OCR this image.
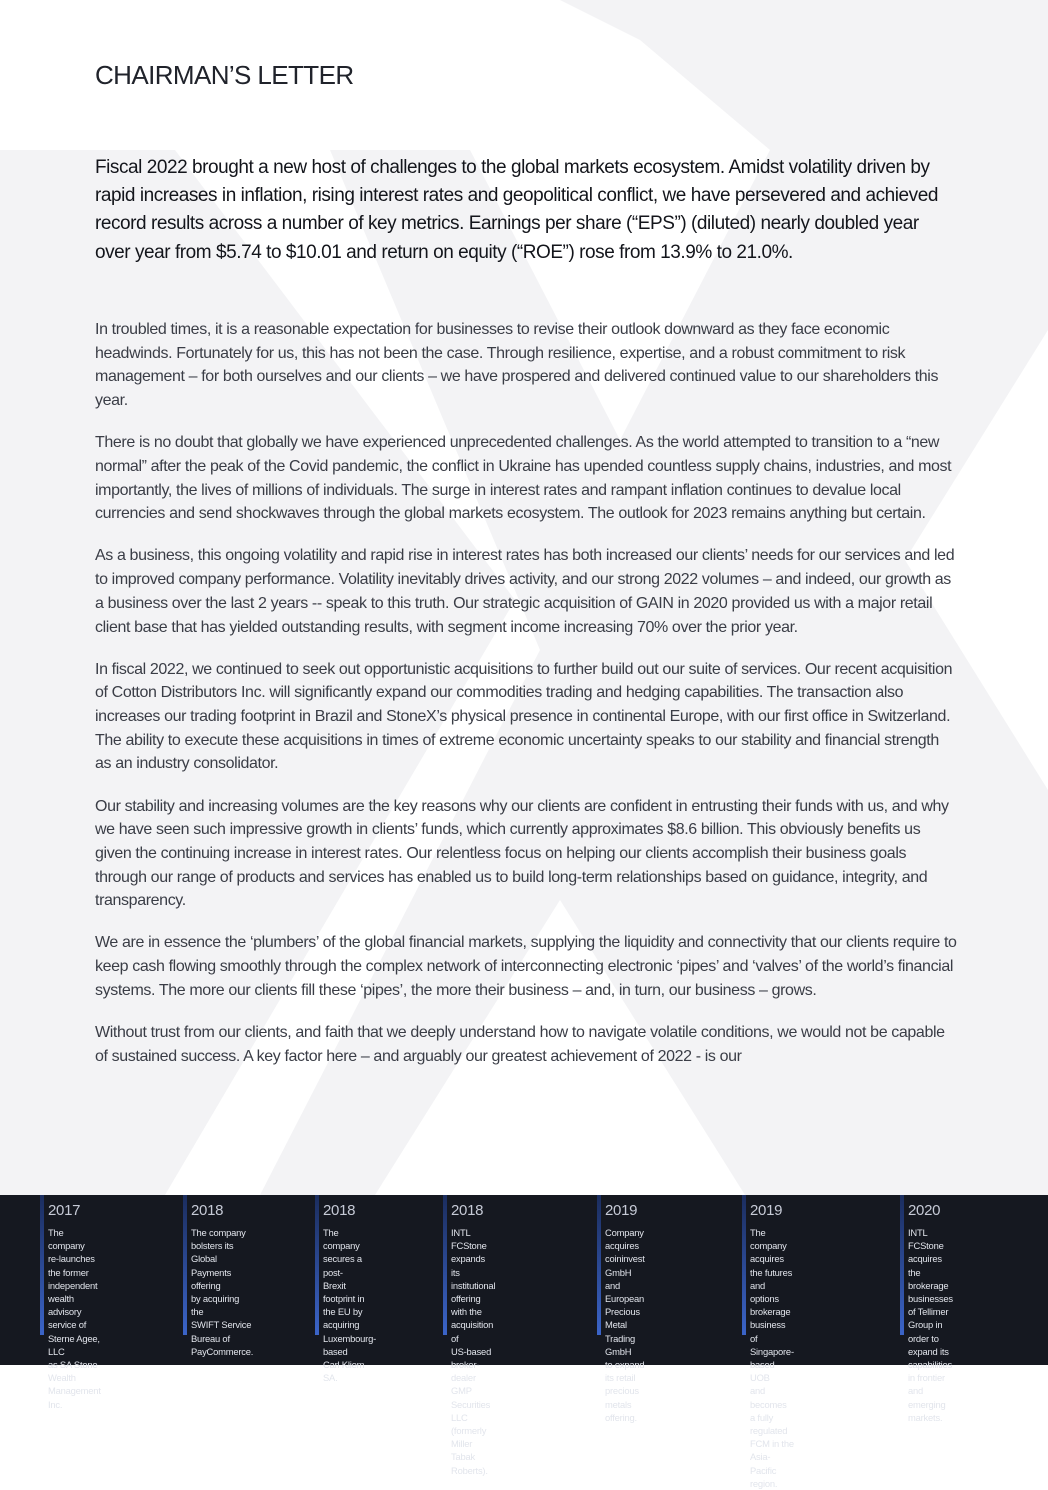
CHAIRMAN’S LETTER

Fiscal 2022 brought a new host of challenges to the global markets ecosystem. Amidst volatility driven by rapid increases in inflation, rising interest rates and geopolitical conflict, we have persevered and achieved record results across a number of key metrics. Earnings per share (“EPS”) (diluted) nearly doubled year over year from $5.74 to $10.01 and return on equity (“ROE”) rose from 13.9% to 21.0%.

In troubled times, it is a reasonable expectation for businesses to revise their outlook downward as they face economic headwinds. Fortunately for us, this has not been the case. Through resilience, expertise, and a robust commitment to risk management – for both ourselves and our clients – we have prospered and delivered continued value to our shareholders this year.

There is no doubt that globally we have experienced unprecedented challenges. As the world attempted to transition to a “new normal” after the peak of the Covid pandemic, the conflict in Ukraine has upended countless supply chains, industries, and most importantly, the lives of millions of individuals. The surge in interest rates and rampant inflation continues to devalue local currencies and send shockwaves through the global markets ecosystem. The outlook for 2023 remains anything but certain.

As a business, this ongoing volatility and rapid rise in interest rates has both increased our clients’ needs for our services and led to improved company performance. Volatility inevitably drives activity, and our strong 2022 volumes – and indeed, our growth as a business over the last 2 years -- speak to this truth. Our strategic acquisition of GAIN in 2020 provided us with a major retail client base that has yielded outstanding results, with segment income increasing 70% over the prior year.

In fiscal 2022, we continued to seek out opportunistic acquisitions to further build out our suite of services. Our recent acquisition of Cotton Distributors Inc. will significantly expand our commodities trading and hedging capabilities. The transaction also increases our trading footprint in Brazil and StoneX’s physical presence in continental Europe, with our first office in Switzerland. The ability to execute these acquisitions in times of extreme economic uncertainty speaks to our stability and financial strength as an industry consolidator.

Our stability and increasing volumes are the key reasons why our clients are confident in entrusting their funds with us, and why we have seen such impressive growth in clients’ funds, which currently approximates $8.6 billion. This obviously benefits us given the continuing increase in interest rates. Our relentless focus on helping our clients accomplish their business goals through our range of products and services has enabled us to build long-term relationships based on guidance, integrity, and transparency.

We are in essence the ‘plumbers’ of the global financial markets, supplying the liquidity and connectivity that our clients require to keep cash flowing smoothly through the complex network of interconnecting electronic ‘pipes’ and ‘valves’ of the world’s financial systems. The more our clients fill these ‘pipes’, the more their business – and, in turn, our business – grows.

Without trust from our clients, and faith that we deeply understand how to navigate volatile conditions, we would not be capable of sustained success. A key factor here – and arguably our greatest achievement of 2022 - is our

2017
The company
re-launches the former
independent wealth
advisory service of
Sterne Agee, LLC
as SA Stone Wealth
Management Inc.
2018
The company
bolsters its Global
Payments offering
by acquiring the
SWIFT Service
Bureau of
PayCommerce.
2018
The company
secures a post-
Brexit footprint in
the EU by acquiring
Luxembourg-based
Carl Kliem SA.
2018
INTL FCStone expands
its institutional offering
with the acquisition of
US-based broker-dealer
GMP Securities LLC
(formerly Miller Tabak
Roberts).
2019
Company acquires
coininvest GmbH and
European Precious
Metal Trading GmbH
to expand its retail
precious metals
offering.
2019
The company acquires
the futures and options
brokerage business of
Singapore-based UOB
and becomes a fully
regulated FCM in the
Asia-Pacific region.
2020
INTL FCStone
acquires the brokerage
businesses of Tellimer
Group in order to
expand its capabilities
in frontier and emerging
markets.
